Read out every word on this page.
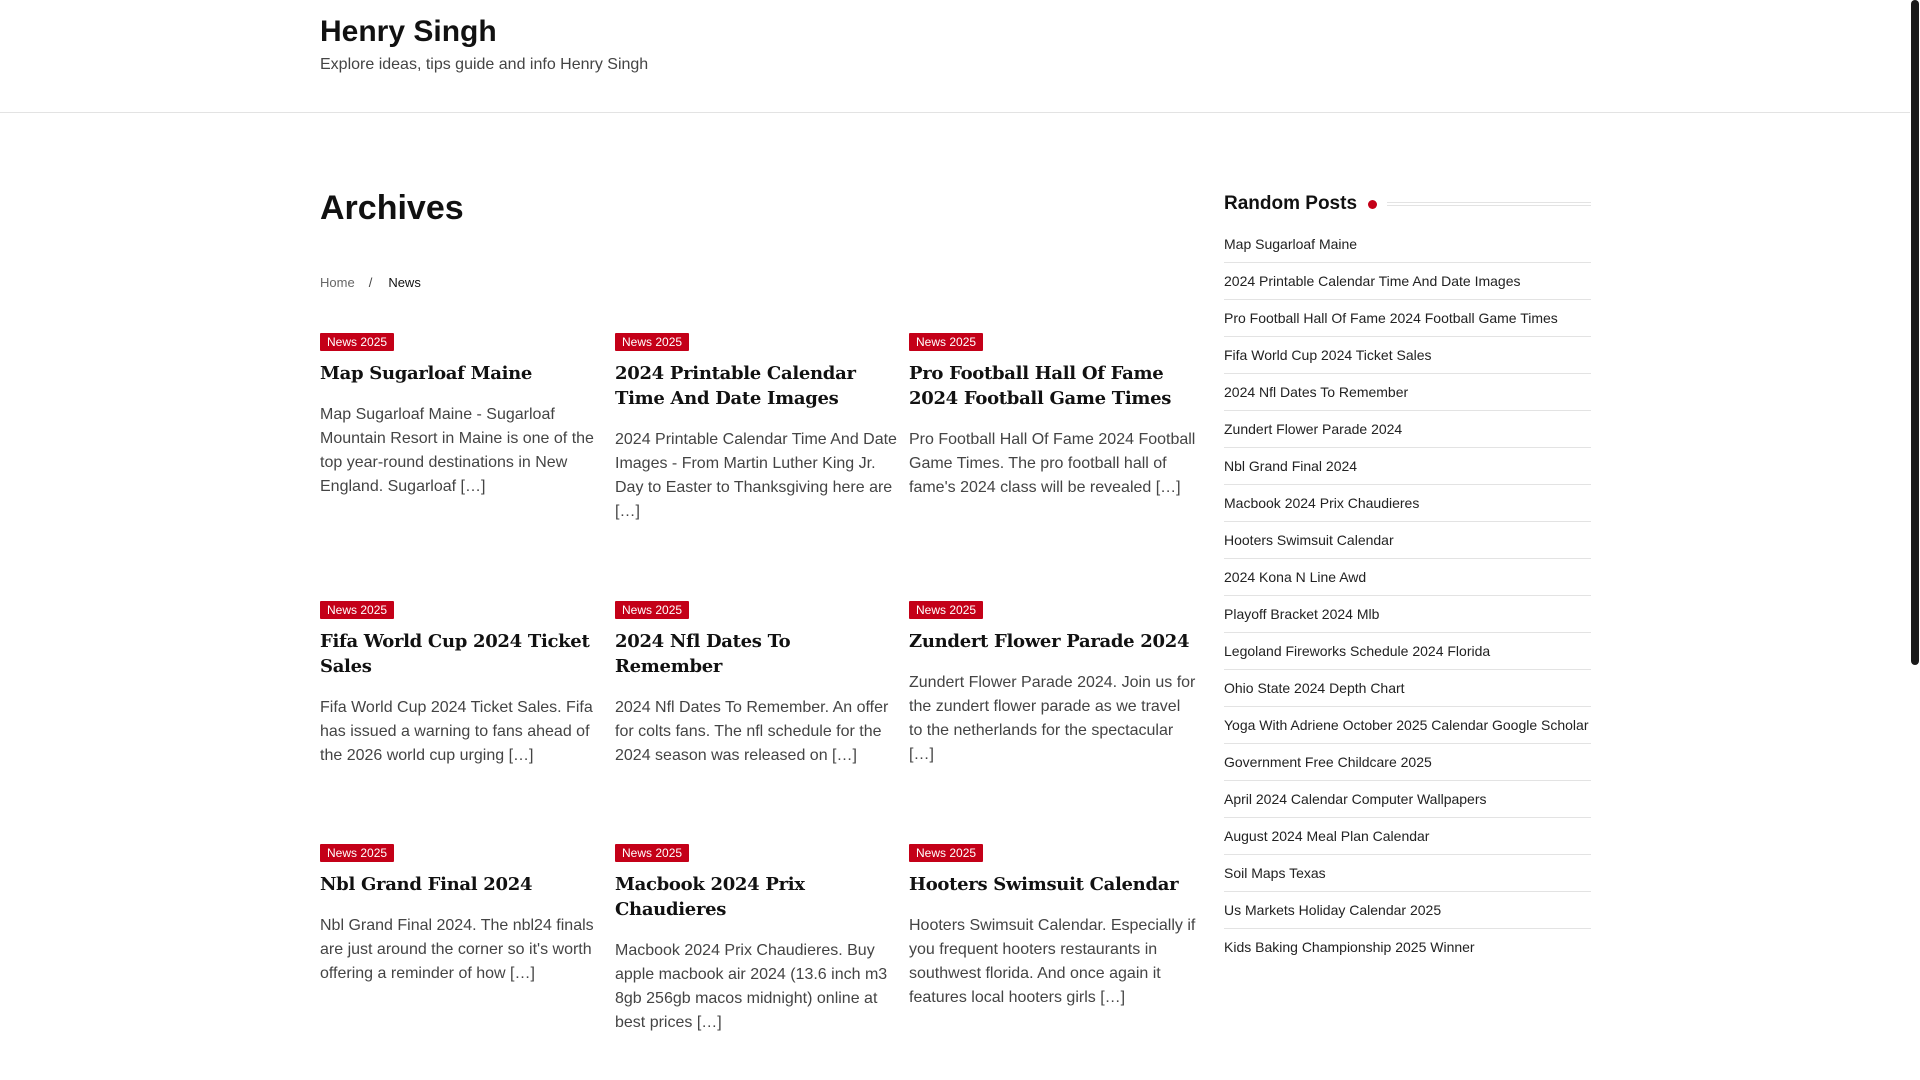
Henry Singh
Explore ideas, tips guide and info Henry Singh
Archives
Home / News
News 2025
Map Sugarloaf Maine

Map Sugarloaf Maine - Sugarloaf Mountain Resort in Maine is one of the top year-round destinations in New England. Sugarloaf […]

News 2025
2024 Printable Calendar Time And Date Images

2024 Printable Calendar Time And Date Images - From Martin Luther King Jr. Day to Easter to Thanksgiving here are […]

News 2025
Pro Football Hall Of Fame 2024 Football Game Times

Pro Football Hall Of Fame 2024 Football Game Times. The pro football hall of fame's 2024 class will be revealed […]

News 2025
Fifa World Cup 2024 Ticket Sales

Fifa World Cup 2024 Ticket Sales. Fifa has issued a warning to fans ahead of the 2026 world cup urging […]

News 2025
2024 Nfl Dates To Remember

2024 Nfl Dates To Remember. An offer for colts fans. The nfl schedule for the 2024 season was released on […]

News 2025
Zundert Flower Parade 2024

Zundert Flower Parade 2024. Join us for the zundert flower parade as we travel to the netherlands for the spectacular […]

News 2025
Nbl Grand Final 2024

Nbl Grand Final 2024. The nbl24 finals are just around the corner so it's worth offering a reminder of how […]

News 2025
Macbook 2024 Prix Chaudieres

Macbook 2024 Prix Chaudieres. Buy apple macbook air 2024 (13.6 inch m3 8gb 256gb macos midnight) online at best prices […]

News 2025
Hooters Swimsuit Calendar

Hooters Swimsuit Calendar. Especially if you frequent hooters restaurants in southwest florida. And once again it features local hooters girls […]

Random Posts
Map Sugarloaf Maine
2024 Printable Calendar Time And Date Images
Pro Football Hall Of Fame 2024 Football Game Times
Fifa World Cup 2024 Ticket Sales
2024 Nfl Dates To Remember
Zundert Flower Parade 2024
Nbl Grand Final 2024
Macbook 2024 Prix Chaudieres
Hooters Swimsuit Calendar
2024 Kona N Line Awd
Playoff Bracket 2024 Mlb
Legoland Fireworks Schedule 2024 Florida
Ohio State 2024 Depth Chart
Yoga With Adriene October 2025 Calendar Google Scholar
Government Free Childcare 2025
April 2024 Calendar Computer Wallpapers
August 2024 Meal Plan Calendar
Soil Maps Texas
Us Markets Holiday Calendar 2025
Kids Baking Championship 2025 Winner
